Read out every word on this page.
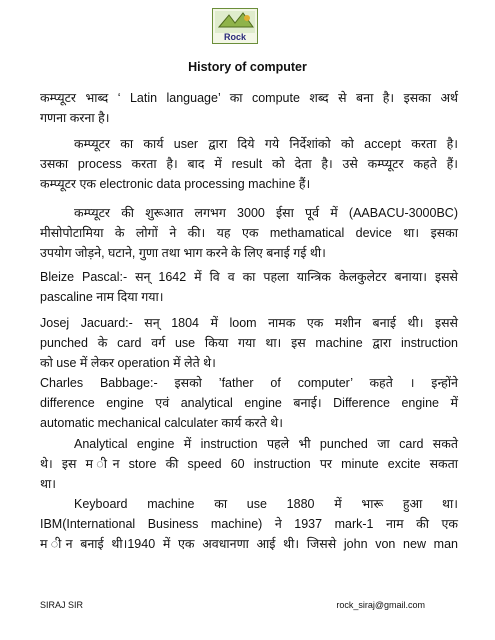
Rock
History of computer
कम्प्यूटर भाब्द ‘ Latin language’ का compute शब्द से बना है। इसका अर्थ
गणना करना है।
कम्प्यूटर का कार्य user द्वारा दिये गये निर्देशांको को accept करता है।
उसका process करता है। बाद में result को देता है। उसे कम्प्यूटर कहते हैं।
कम्प्यूटर एक electronic data processing machine हैं।
कम्प्यूटर की शुरूआत लगभग 3000 ईसा पूर्व में (AABACU-3000BC)
मीसोपोटामिया के लोगों ने की। यह एक methamatical device था। इसका
उपयोग जोड़ने, घटाने, गुणा तथा भाग करने के लिए बनाई गई थी।
Bleize Pascal:- सन् 1642 में वि व का पहला यान्त्रिक केलकुलेटर बनाया। इससे
pascaline नाम दिया गया।
Josej Jacuard:- सन् 1804 में loom नामक एक मशीन बनाई थी। इससे
punched के card वर्ग use किया गया था। इस machine द्वारा instruction
को use में लेकर operation में लेते थे।
Charles Babbage:- इसको ’father of computer’ कहते । इन्होंने
difference engine एवं analytical engine बनाई। Difference engine में
automatic mechanical calculater कार्य करते थे।
Analytical engine में instruction पहले भी punched जा card सकते
थे। इस म ीन store की speed 60 instruction पर minute excite सकता
था।
Keyboard machine का use 1880 में भारू हुआ था।
IBM(International Business machine) ने 1937 mark-1 नाम की एक
म ीन बनाई थी।1940 में एक अवधानणा आई थी। जिससे john von new man
SIRAJ SIR	rock_siraj@gmail.com
